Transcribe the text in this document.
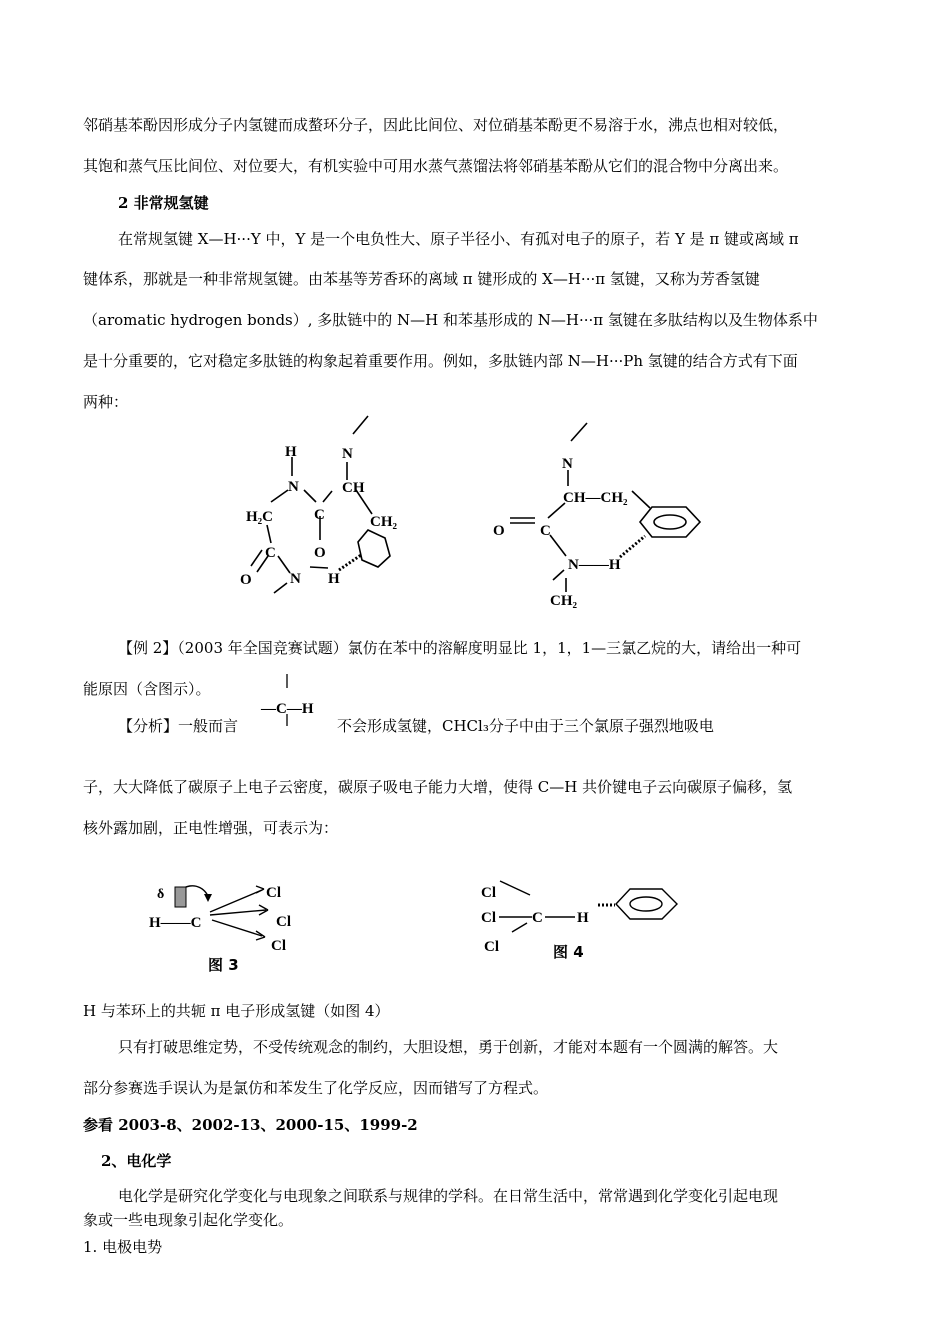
邻硝基苯酚因形成分子内氢键而成螯环分子，因此比间位、对位硝基苯酚更不易溶于水，沸点也相对较低，
其饱和蒸气压比间位、对位要大，有机实验中可用水蒸气蒸馏法将邻硝基苯酚从它们的混合物中分离出来。
2 非常规氢键
在常规氢键 X—H···Y 中，Y 是一个电负性大、原子半径小、有孤对电子的原子，若 Y 是 π 键或离域 π
键体系，那就是一种非常规氢键。由苯基等芳香环的离域 π 键形成的 X—H···π 氢键，又称为芳香氢键
（aromatic hydrogen bonds）, 多肽链中的 N—H 和苯基形成的 N—H···π 氢键在多肽结构以及生物体系中
是十分重要的，它对稳定多肽链的构象起着重要作用。例如，多肽链内部 N—H···Ph 氢键的结合方式有下面
两种：
H	N
N
C
CH
H₂C	CH₂
C	O
O	N H
N
CH—CH₂
O C
N——H
CH₂
—C—H
δ
H——C
Cl
Cl
Cl
图 3
Cl
Cl C H
Cl	图 4
【例 2】（2003 年全国竞赛试题）氯仿在苯中的溶解度明显比 1，1，1—三氯乙烷的大，请给出一种可
能原因（含图示）。
【分析】一般而言	不会形成氢键，CHCl₃分子中由于三个氯原子强烈地吸电
子，大大降低了碳原子上电子云密度，碳原子吸电子能力大增，使得 C—H 共价键电子云向碳原子偏移，氢
核外露加剧，正电性增强，可表示为：
H 与苯环上的共轭 π 电子形成氢键（如图 4）
只有打破思维定势，不受传统观念的制约，大胆设想，勇于创新，才能对本题有一个圆满的解答。大
部分参赛选手误认为是氯仿和苯发生了化学反应，因而错写了方程式。
参看 2003-8、2002-13、2000-15、1999-2
2、电化学
电化学是研究化学变化与电现象之间联系与规律的学科。在日常生活中，常常遇到化学变化引起电现
象或一些电现象引起化学变化。
1. 电极电势
